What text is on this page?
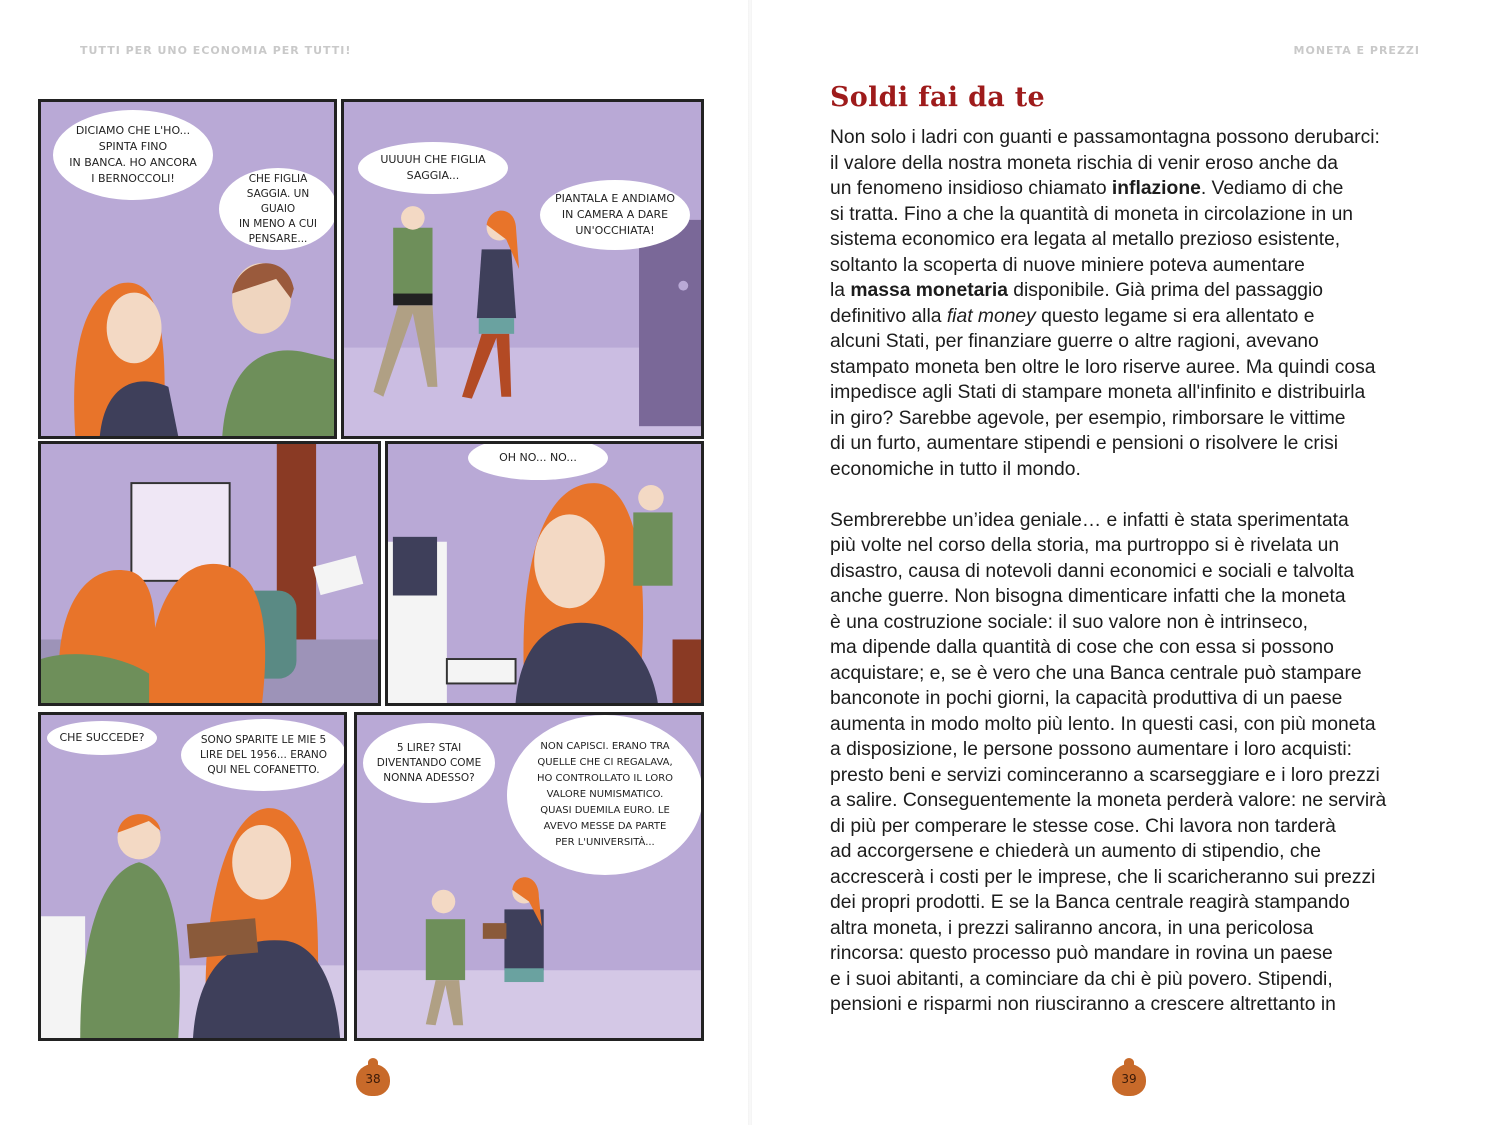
TUTTI PER UNO ECONOMIA PER TUTTI!	MONETA E PREZZI
DICIAMO CHE L'HO...
SPINTA FINO
IN BANCA. HO ANCORA
I BERNOCCOLI!	CHE FIGLIA
SAGGIA. UN GUAIO
IN MENO A CUI
PENSARE...
UUUUH CHE FIGLIA
SAGGIA...
PIANTALA E ANDIAMO
IN CAMERA A DARE
UN'OCCHIATA!
OH NO... NO...
CHE SUCCEDE?	SONO SPARITE LE MIE 5
LIRE DEL 1956... ERANO
QUI NEL COFANETTO.
5 LIRE? STAI
DIVENTANDO COME
NONNA ADESSO?
NON CAPISCI. ERANO TRA
QUELLE CHE CI REGALAVA,
HO CONTROLLATO IL LORO
VALORE NUMISMATICO.
QUASI DUEMILA EURO. LE
AVEVO MESSE DA PARTE
PER L'UNIVERSITÀ...
38	39
Soldi fai da te
Non solo i ladri con guanti e passamontagna possono derubarci:
il valore della nostra moneta rischia di venir eroso anche da
un fenomeno insidioso chiamato inflazione. Vediamo di che
si tratta. Fino a che la quantità di moneta in circolazione in un
sistema economico era legata al metallo prezioso esistente,
soltanto la scoperta di nuove miniere poteva aumentare
la massa monetaria disponibile. Già prima del passaggio
definitivo alla fiat money questo legame si era allentato e
alcuni Stati, per finanziare guerre o altre ragioni, avevano
stampato moneta ben oltre le loro riserve auree. Ma quindi cosa
impedisce agli Stati di stampare moneta all'infinito e distribuirla
in giro? Sarebbe agevole, per esempio, rimborsare le vittime
di un furto, aumentare stipendi e pensioni o risolvere le crisi
economiche in tutto il mondo.
Sembrerebbe un’idea geniale… e infatti è stata sperimentata
più volte nel corso della storia, ma purtroppo si è rivelata un
disastro, causa di notevoli danni economici e sociali e talvolta
anche guerre. Non bisogna dimenticare infatti che la moneta
è una costruzione sociale: il suo valore non è intrinseco,
ma dipende dalla quantità di cose che con essa si possono
acquistare; e, se è vero che una Banca centrale può stampare
banconote in pochi giorni, la capacità produttiva di un paese
aumenta in modo molto più lento. In questi casi, con più moneta
a disposizione, le persone possono aumentare i loro acquisti:
presto beni e servizi cominceranno a scarseggiare e i loro prezzi
a salire. Conseguentemente la moneta perderà valore: ne servirà
di più per comperare le stesse cose. Chi lavora non tarderà
ad accorgersene e chiederà un aumento di stipendio, che
accrescerà i costi per le imprese, che li scaricheranno sui prezzi
dei propri prodotti. E se la Banca centrale reagirà stampando
altra moneta, i prezzi saliranno ancora, in una pericolosa
rincorsa: questo processo può mandare in rovina un paese
e i suoi abitanti, a cominciare da chi è più povero. Stipendi,
pensioni e risparmi non riusciranno a crescere altrettanto in
